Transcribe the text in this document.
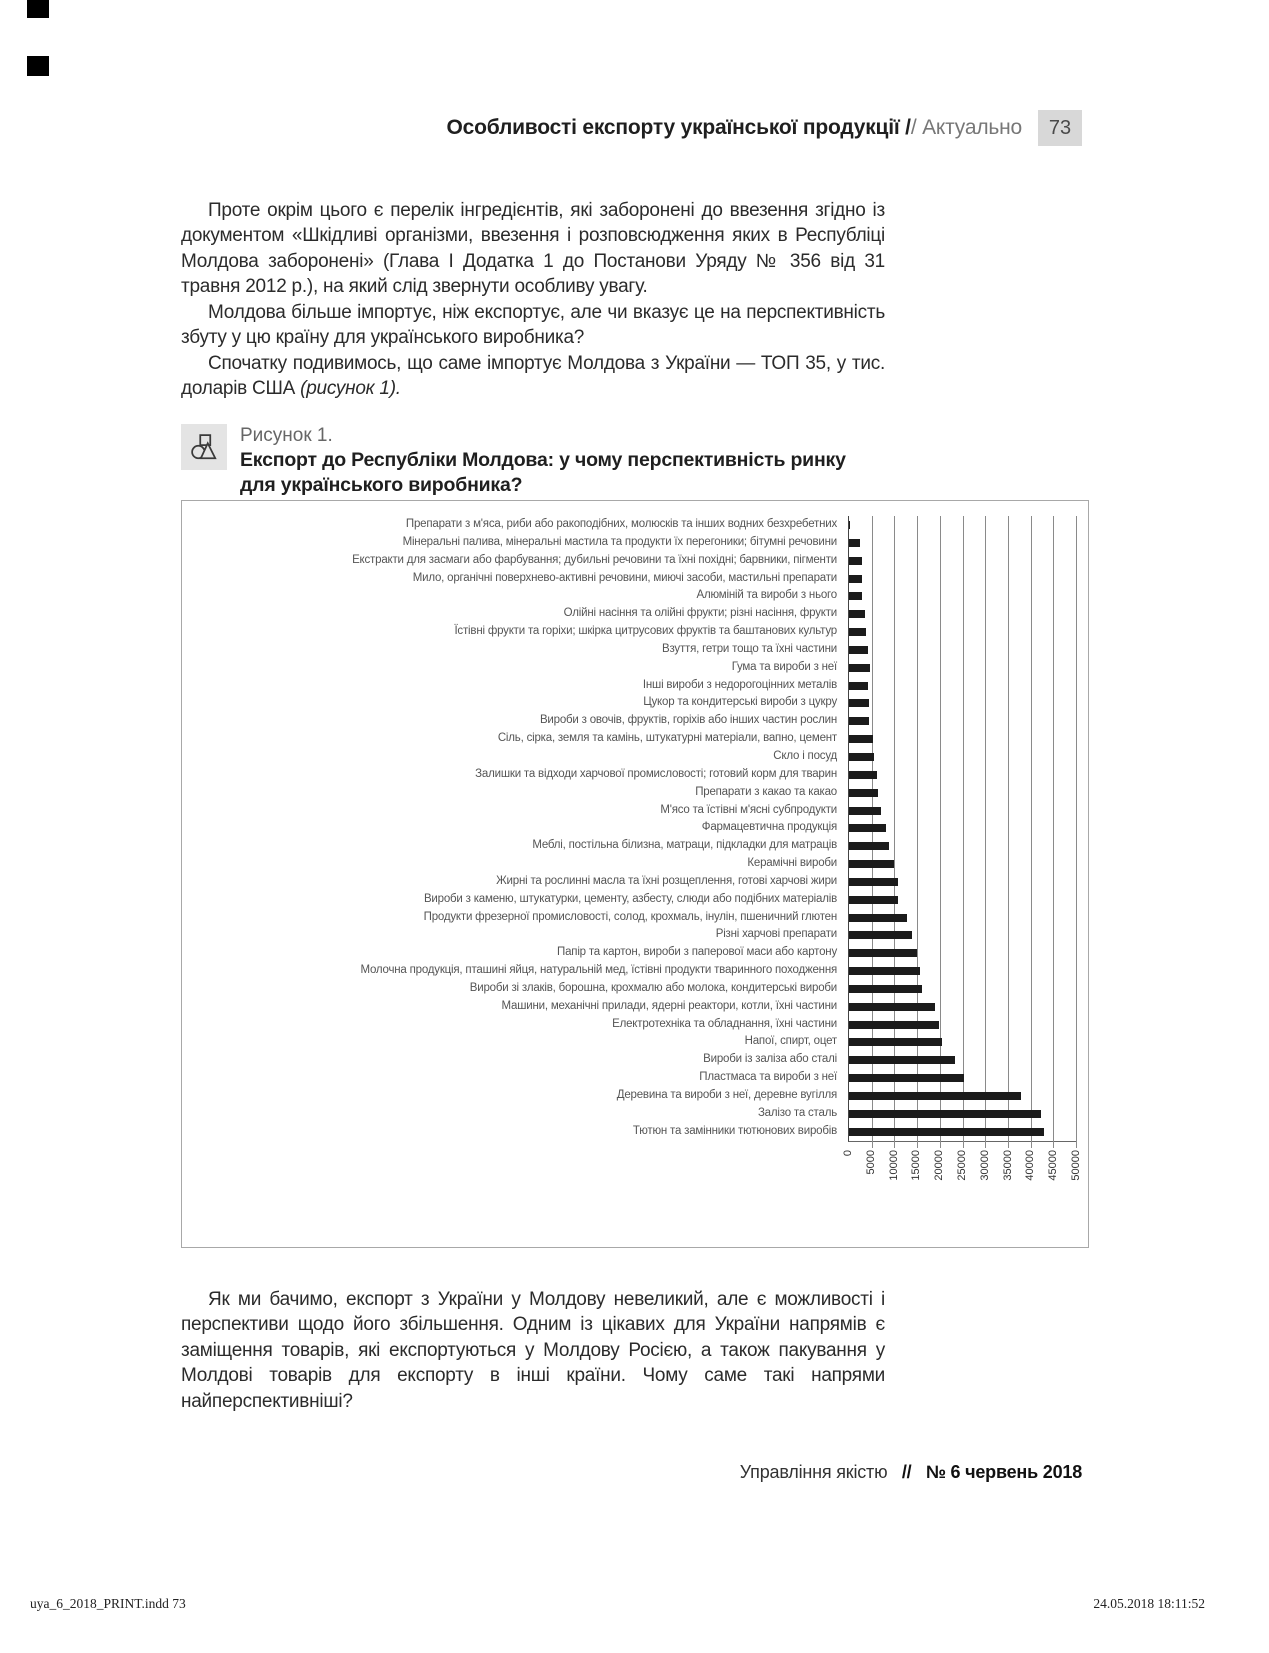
Особливості експорту української продукції // Актуально 73

Проте окрім цього є перелік інгредієнтів, які заборонені до ввезення згідно із документом «Шкідливі організми, ввезення і розповсюдження яких в Республіці Молдова заборонені» (Глава I Додатка 1 до Постанови Уряду № 356 від 31 травня 2012 р.), на який слід звернути особливу увагу.

Молдова більше імпортує, ніж експортує, але чи вказує це на перспективність збуту у цю країну для українського виробника?

Спочатку подивимось, що саме імпортує Молдова з України — ТОП 35, у тис. доларів США (рисунок 1).

Рисунок 1.
Експорт до Республіки Молдова: у чому перспективність ринку для українського виробника?
Препарати з м'яса, риби або ракоподібних, молюсків та інших водних безхребетних
Мінеральні палива, мінеральні мастила та продукти їх перегоники; бітумні речовини
Екстракти для засмаги або фарбування; дубильні речовини та їхні похідні; барвники, пігменти
Мило, органічні поверхнево-активні речовини, миючі засоби, мастильні препарати
Алюміній та вироби з нього
Олійні насіння та олійні фрукти; різні насіння, фрукти
Їстівні фрукти та горіхи; шкірка цитрусових фруктів та баштанових культур
Взуття, гетри тощо та їхні частини
Гума та вироби з неї
Інші вироби з недорогоцінних металів
Цукор та кондитерські вироби з цукру
Вироби з овочів, фруктів, горіхів або інших частин рослин
Сіль, сірка, земля та камінь, штукатурні матеріали, вапно, цемент
Скло і посуд
Залишки та відходи харчової промисловості; готовий корм для тварин
Препарати з какао та какао
М'ясо та їстівні м'ясні субпродукти
Фармацевтична продукція
Меблі, постільна білизна, матраци, підкладки для матраців
Керамічні вироби
Жирні та рослинні масла та їхні розщеплення, готові харчові жири
Вироби з каменю, штукатурки, цементу, азбесту, слюди або подібних матеріалів
Продукти фрезерної промисловості, солод, крохмаль, інулін, пшеничний глютен
Різні харчові препарати
Папір та картон, вироби з паперової маси або картону
Молочна продукція, пташині яйця, натуральній мед, їстівні продукти тваринного походження
Вироби зі злаків, борошна, крохмалю або молока, кондитерські вироби
Машини, механічні прилади, ядерні реактори, котли, їхні частини
Електротехніка та обладнання, їхні частини
Напої, спирт, оцет
Вироби із заліза або сталі
Пластмаса та вироби з неї
Деревина та вироби з неї, деревне вугілля
Залізо та сталь
Тютюн та замінники тютюнових виробів
0 5000 10000 15000 20000 25000 30000 35000 40000 45000 50000

Як ми бачимо, експорт з України у Молдову невеликий, але є можливості і перспективи щодо його збільшення. Одним із цікавих для України напрямів є заміщення товарів, які експортуються у Молдову Росією, а також пакування у Молдові товарів для експорту в інші країни. Чому саме такі напрями найперспективніші?

Управління якістю // № 6 червень 2018
uya_6_2018_PRINT.indd 73	24.05.2018 18:11:52
